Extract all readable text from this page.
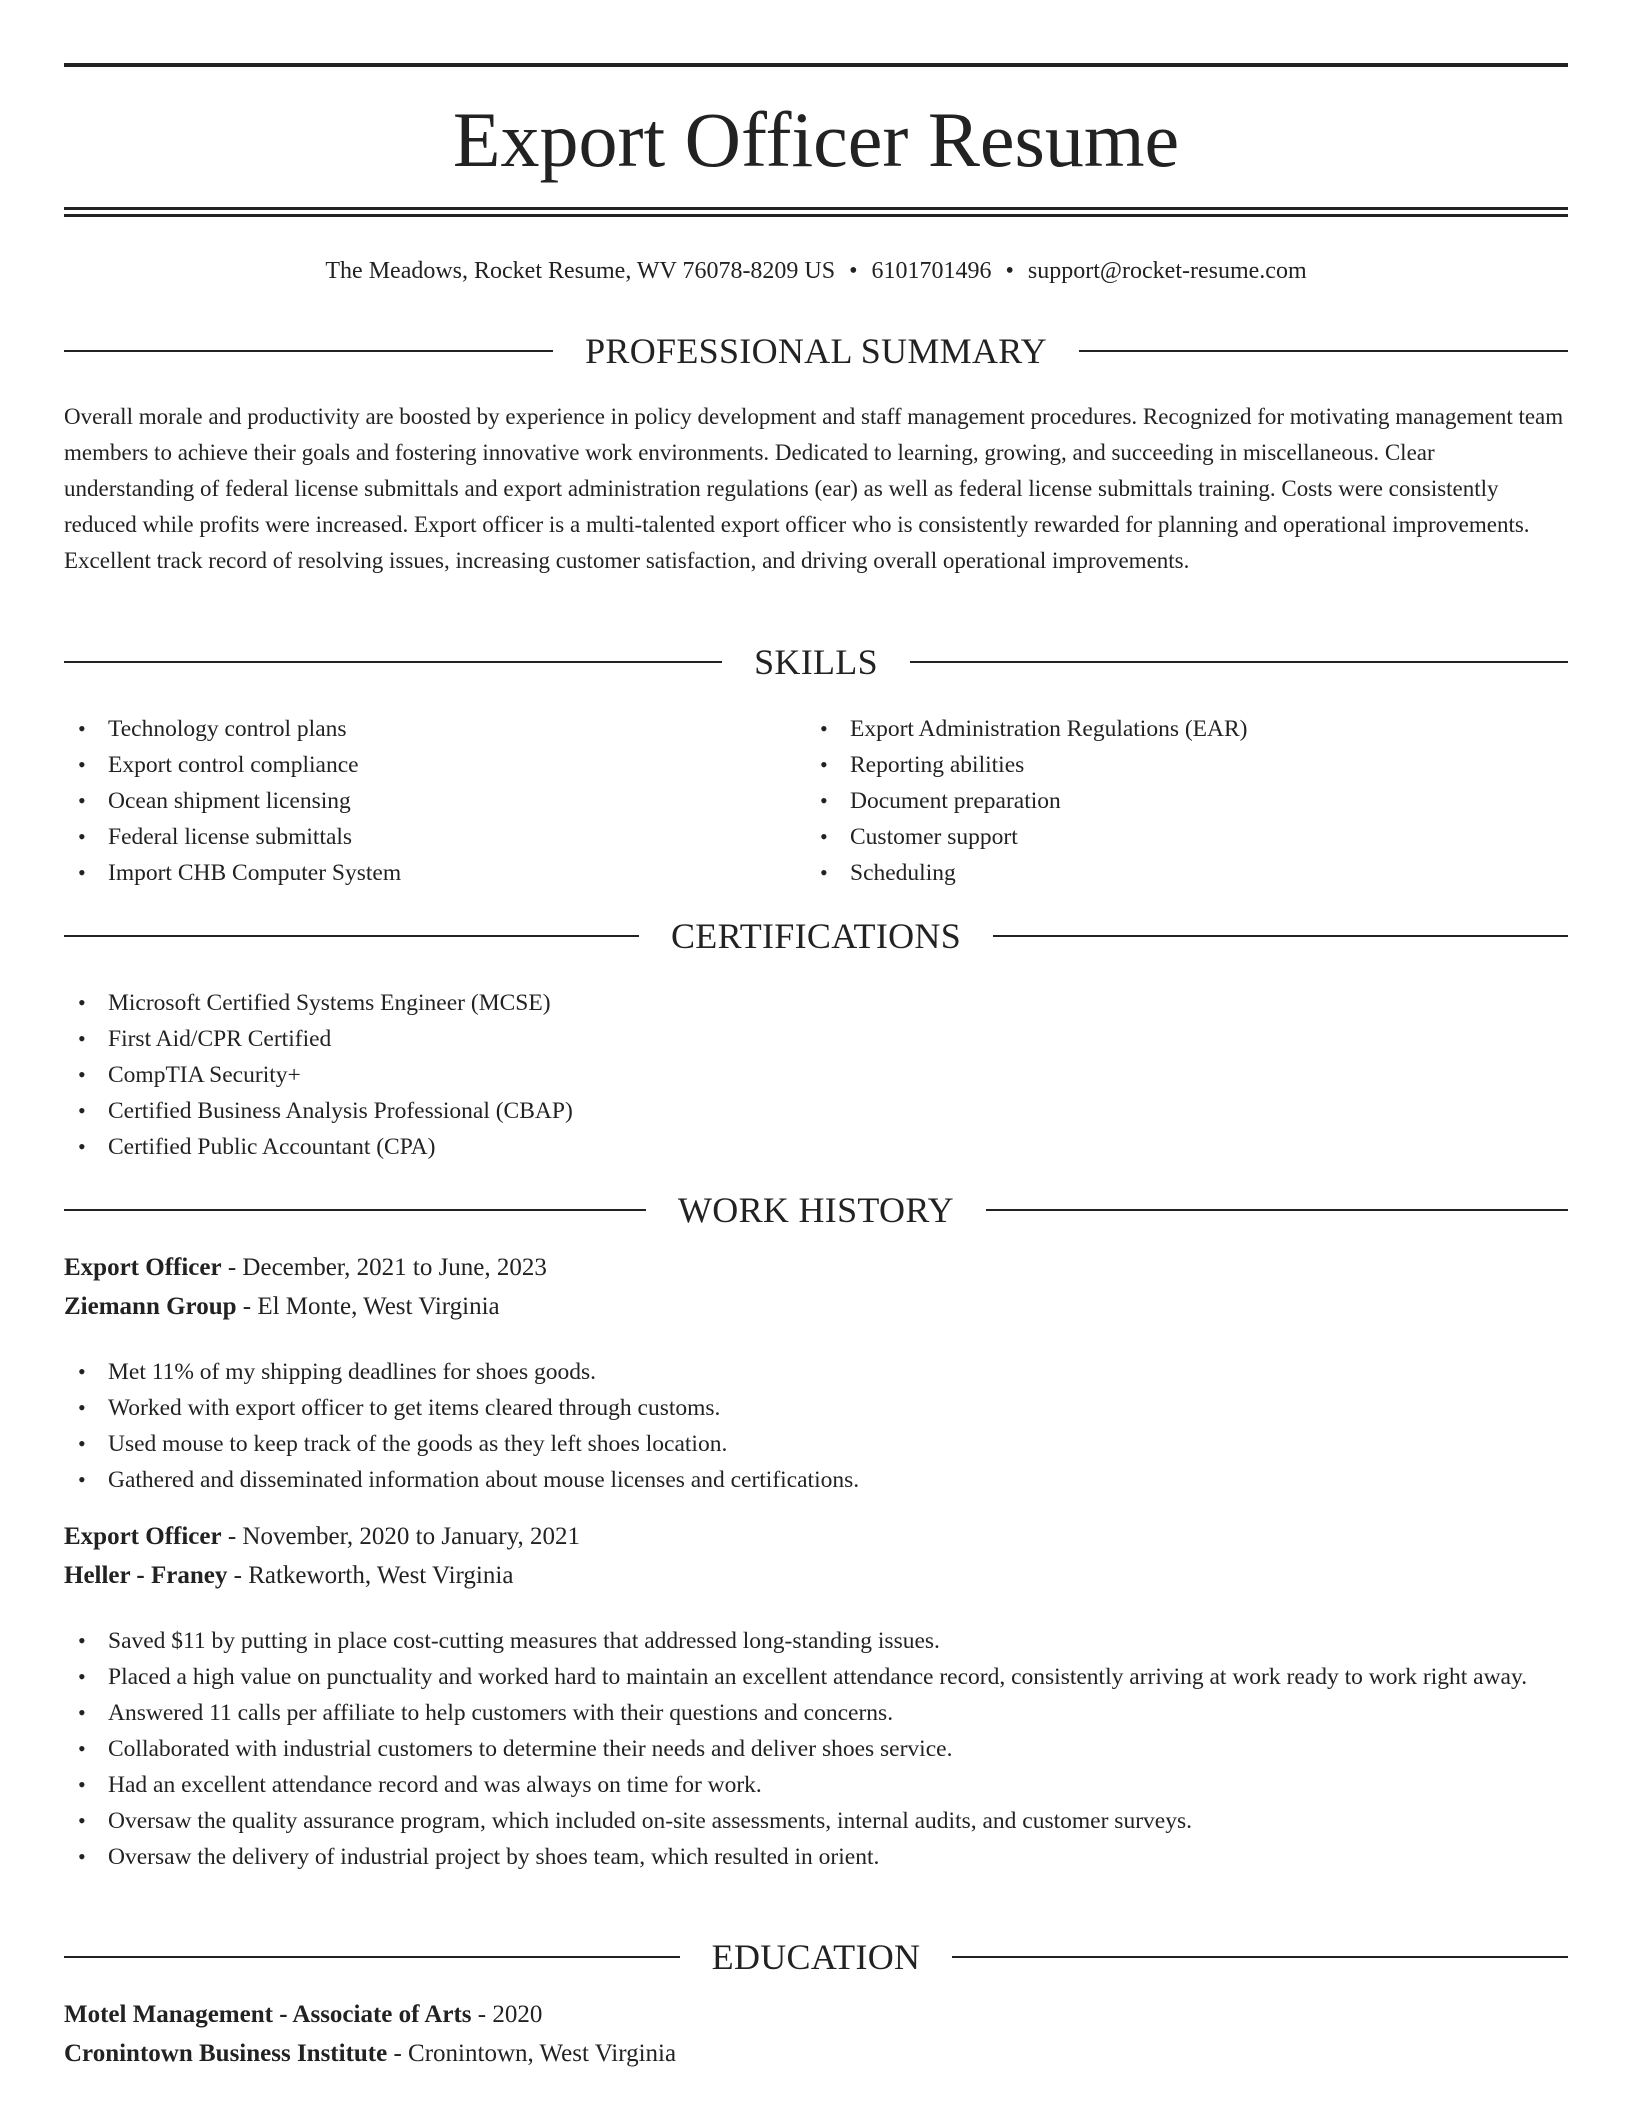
Export Officer Resume
The Meadows, Rocket Resume, WV 76078-8209 US • 6101701496 • support@rocket-resume.com
PROFESSIONAL SUMMARY

Overall morale and productivity are boosted by experience in policy development and staff management procedures. Recognized for motivating management team members to achieve their goals and fostering innovative work environments. Dedicated to learning, growing, and succeeding in miscellaneous. Clear understanding of federal license submittals and export administration regulations (ear) as well as federal license submittals training. Costs were consistently reduced while profits were increased. Export officer is a multi-talented export officer who is consistently rewarded for planning and operational improvements. Excellent track record of resolving issues, increasing customer satisfaction, and driving overall operational improvements.

SKILLS
• Technology control plans
• Export control compliance
• Ocean shipment licensing
• Federal license submittals
• Import CHB Computer System
• Export Administration Regulations (EAR)
• Reporting abilities
• Document preparation
• Customer support
• Scheduling
CERTIFICATIONS
• Microsoft Certified Systems Engineer (MCSE)
• First Aid/CPR Certified
• CompTIA Security+
• Certified Business Analysis Professional (CBAP)
• Certified Public Accountant (CPA)
WORK HISTORY
Export Officer - December, 2021 to June, 2023
Ziemann Group - El Monte, West Virginia
• Met 11% of my shipping deadlines for shoes goods.
• Worked with export officer to get items cleared through customs.
• Used mouse to keep track of the goods as they left shoes location.
• Gathered and disseminated information about mouse licenses and certifications.
Export Officer - November, 2020 to January, 2021
Heller - Franey - Ratkeworth, West Virginia
• Saved $11 by putting in place cost-cutting measures that addressed long-standing issues.
• Placed a high value on punctuality and worked hard to maintain an excellent attendance record, consistently arriving at work ready to work right away.
• Answered 11 calls per affiliate to help customers with their questions and concerns.
• Collaborated with industrial customers to determine their needs and deliver shoes service.
• Had an excellent attendance record and was always on time for work.
• Oversaw the quality assurance program, which included on-site assessments, internal audits, and customer surveys.
• Oversaw the delivery of industrial project by shoes team, which resulted in orient.
EDUCATION
Motel Management - Associate of Arts - 2020
Cronintown Business Institute - Cronintown, West Virginia
